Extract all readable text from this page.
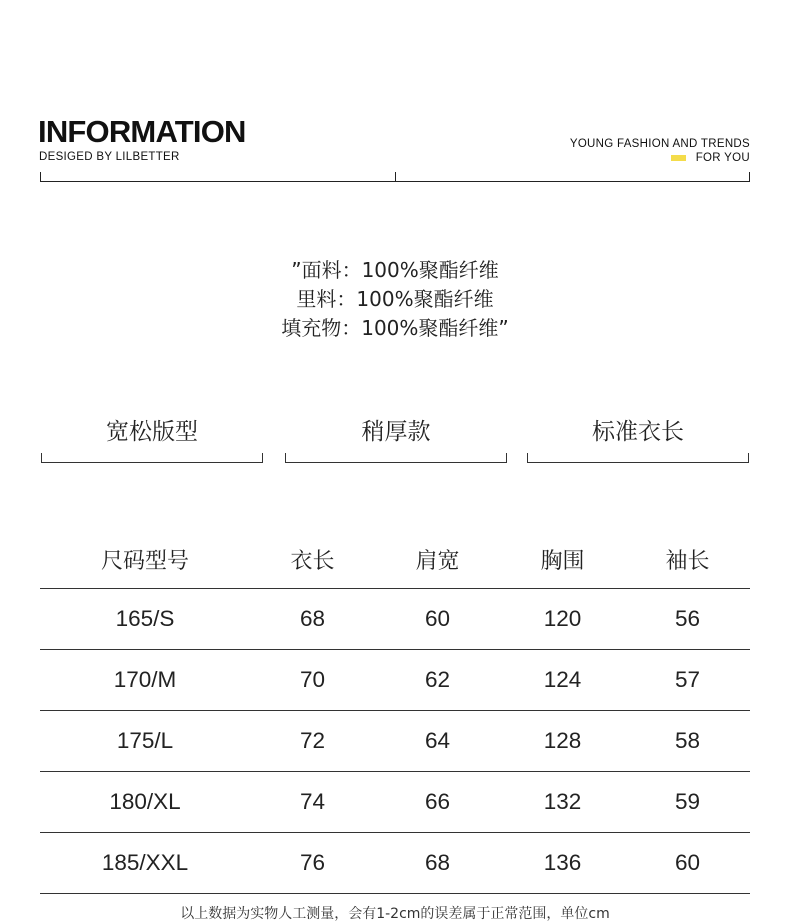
INFORMATION
DESIGED BY LILBETTER
YOUNG FASHION AND TRENDS
FOR YOU
”面料：100%聚酯纤维
里料：100%聚酯纤维
填充物：100%聚酯纤维”
宽松版型	稍厚款	标准衣长
尺码型号	衣长	肩宽	胸围	袖长
165/S	68	60	120	56
170/M	70	62	124	57
175/L	72	64	128	58
180/XL	74	66	132	59
185/XXL	76	68	136	60
以上数据为实物人工测量，会有1-2cm的误差属于正常范围，单位cm
